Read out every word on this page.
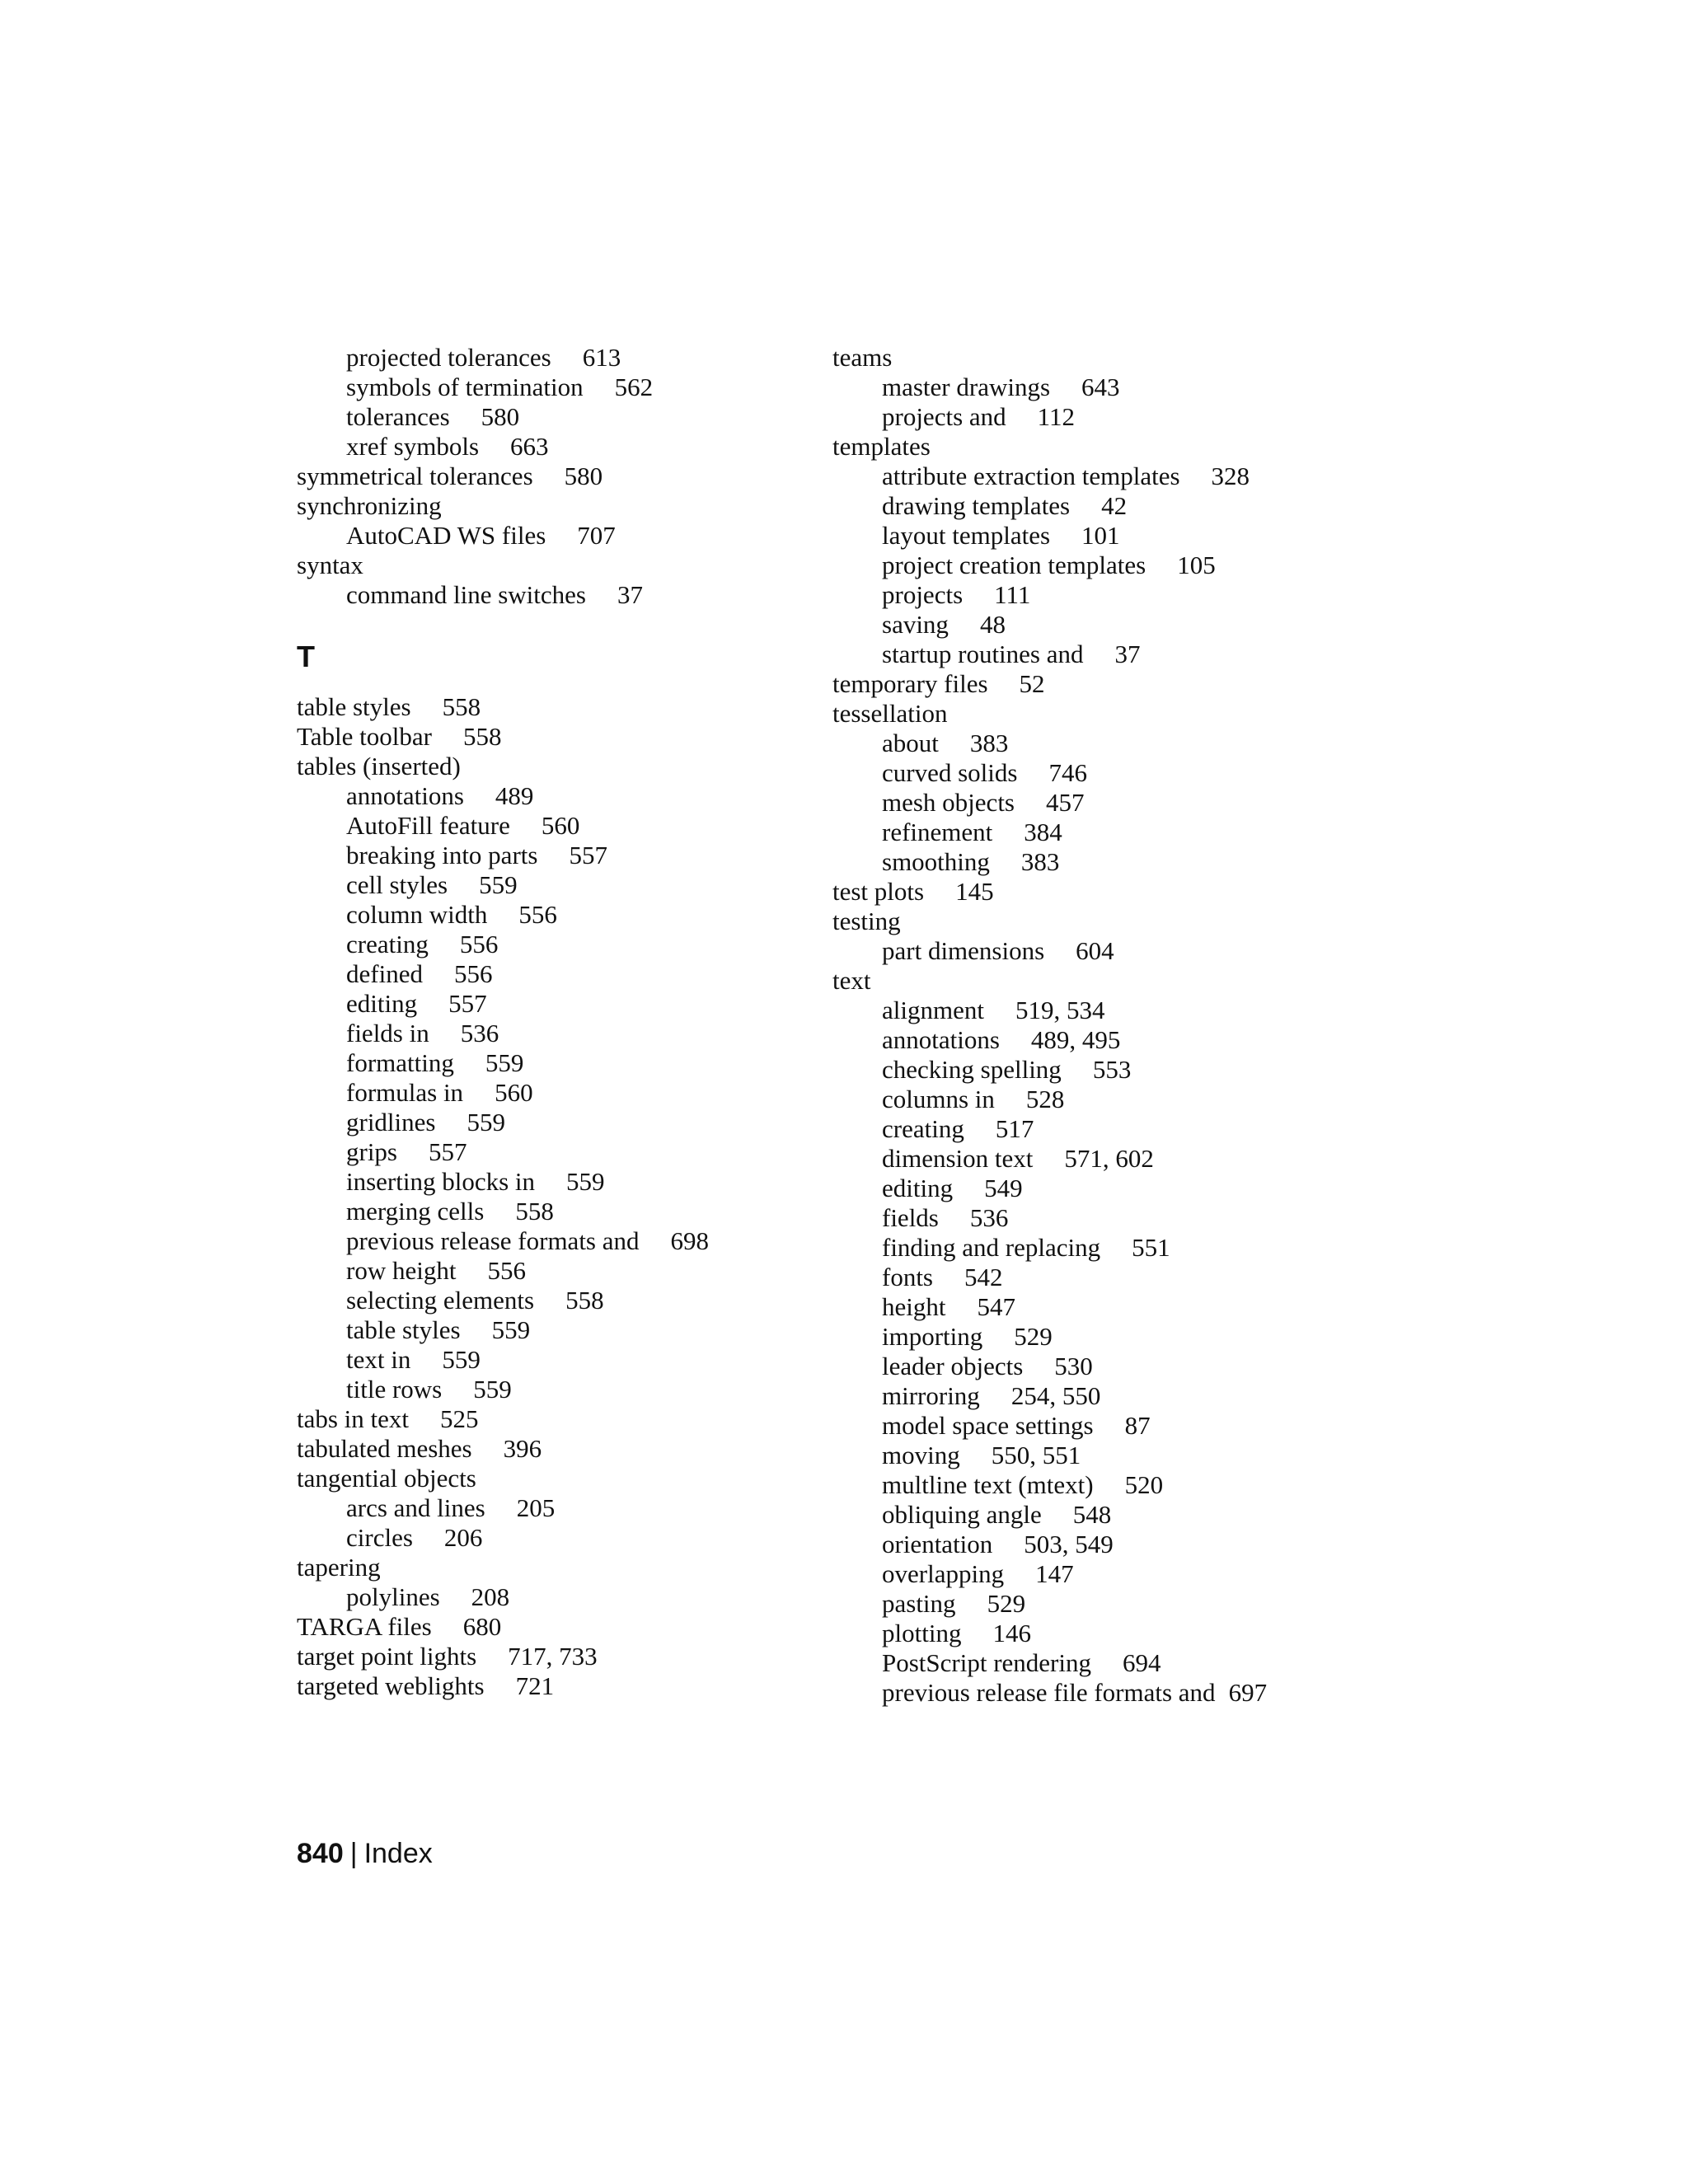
projected tolerances 613
symbols of termination 562
tolerances 580
xref symbols 663
symmetrical tolerances 580
synchronizing
AutoCAD WS files 707
syntax
command line switches 37
T
table styles 558
Table toolbar 558
tables (inserted)
annotations 489
AutoFill feature 560
breaking into parts 557
cell styles 559
column width 556
creating 556
defined 556
editing 557
fields in 536
formatting 559
formulas in 560
gridlines 559
grips 557
inserting blocks in 559
merging cells 558
previous release formats and 698
row height 556
selecting elements 558
table styles 559
text in 559
title rows 559
tabs in text 525
tabulated meshes 396
tangential objects
arcs and lines 205
circles 206
tapering
polylines 208
TARGA files 680
target point lights 717, 733
targeted weblights 721
teams
master drawings 643
projects and 112
templates
attribute extraction templates 328
drawing templates 42
layout templates 101
project creation templates 105
projects 111
saving 48
startup routines and 37
temporary files 52
tessellation
about 383
curved solids 746
mesh objects 457
refinement 384
smoothing 383
test plots 145
testing
part dimensions 604
text
alignment 519, 534
annotations 489, 495
checking spelling 553
columns in 528
creating 517
dimension text 571, 602
editing 549
fields 536
finding and replacing 551
fonts 542
height 547
importing 529
leader objects 530
mirroring 254, 550
model space settings 87
moving 550, 551
multline text (mtext) 520
obliquing angle 548
orientation 503, 549
overlapping 147
pasting 529
plotting 146
PostScript rendering 694
previous release file formats and 697
840 | Index
